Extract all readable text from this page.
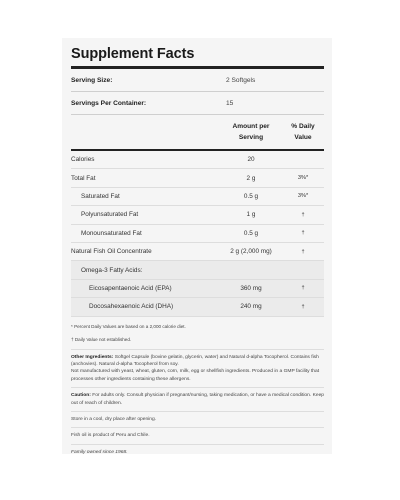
Supplement Facts
Serving Size:	2 Softgels
Servings Per Container:	15
Amount per
Serving
% Daily
Value
Calories	20
Total Fat	2 g	3%*
Saturated Fat	0.5 g	3%*
Polyunsaturated Fat	1 g	†
Monounsaturated Fat	0.5 g	†
Natural Fish Oil Concentrate	2 g (2,000 mg)	†
Omega-3 Fatty Acids:
Eicosapentaenoic Acid (EPA)	360 mg	†
Docosahexaenoic Acid (DHA)	240 mg	†
* Percent Daily Values are based on a 2,000 calorie diet.
† Daily Value not established.
Other Ingredients: Softgel Capsule (bovine gelatin, glycerin, water) and Natural d-alpha Tocopherol. Contains fish (anchovies). Natural d-alpha Tocopherol from soy.
Not manufactured with yeast, wheat, gluten, corn, milk, egg or shellfish ingredients. Produced in a GMP facility that processes other ingredients containing these allergens.
Caution: For adults only. Consult physician if pregnant/nursing, taking medication, or have a medical condition. Keep out of reach of children.
Store in a cool, dry place after opening.
Fish oil is product of Peru and Chile.
Family owned since 1968.
